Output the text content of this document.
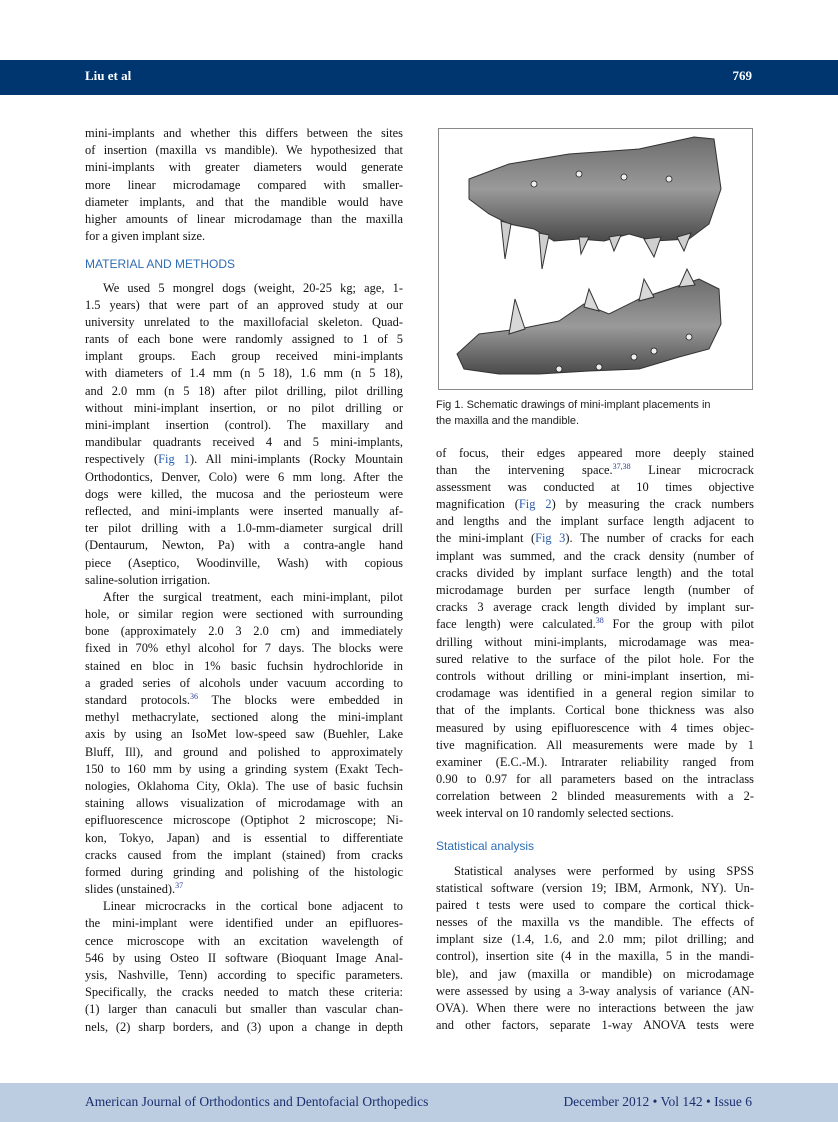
Liu et al	769
mini-implants and whether this differs between the sites
of insertion (maxilla vs mandible). We hypothesized that
mini-implants with greater diameters would generate
more linear microdamage compared with smaller-
diameter implants, and that the mandible would have
higher amounts of linear microdamage than the maxilla
for a given implant size.
MATERIAL AND METHODS
We used 5 mongrel dogs (weight, 20-25 kg; age, 1-
1.5 years) that were part of an approved study at our
university unrelated to the maxillofacial skeleton. Quad-
rants of each bone were randomly assigned to 1 of 5
implant groups. Each group received mini-implants
with diameters of 1.4 mm (n 5 18), 1.6 mm (n 5 18),
and 2.0 mm (n 5 18) after pilot drilling, pilot drilling
without mini-implant insertion, or no pilot drilling or
mini-implant insertion (control). The maxillary and
mandibular quadrants received 4 and 5 mini-implants,
respectively (Fig 1). All mini-implants (Rocky Mountain
Orthodontics, Denver, Colo) were 6 mm long. After the
dogs were killed, the mucosa and the periosteum were
reflected, and mini-implants were inserted manually af-
ter pilot drilling with a 1.0-mm-diameter surgical drill
(Dentaurum, Newton, Pa) with a contra-angle hand
piece (Aseptico, Woodinville, Wash) with copious
saline-solution irrigation.
After the surgical treatment, each mini-implant, pilot
hole, or similar region were sectioned with surrounding
bone (approximately 2.0 3 2.0 cm) and immediately
fixed in 70% ethyl alcohol for 7 days. The blocks were
stained en bloc in 1% basic fuchsin hydrochloride in
a graded series of alcohols under vacuum according to
standard protocols.$^{36}$ The blocks were embedded in
methyl methacrylate, sectioned along the mini-implant
axis by using an IsoMet low-speed saw (Buehler, Lake
Bluff, Ill), and ground and polished to approximately
150 to 160 mm by using a grinding system (Exakt Tech-
nologies, Oklahoma City, Okla). The use of basic fuchsin
staining allows visualization of microdamage with an
epifluorescence microscope (Optiphot 2 microscope; Ni-
kon, Tokyo, Japan) and is essential to differentiate
cracks caused from the implant (stained) from cracks
formed during grinding and polishing of the histologic
slides (unstained).$^{37}$
Linear microcracks in the cortical bone adjacent to
the mini-implant were identified under an epifluores-
cence microscope with an excitation wavelength of
546 by using Osteo II software (Bioquant Image Anal-
ysis, Nashville, Tenn) according to specific parameters.
Specifically, the cracks needed to match these criteria:
(1) larger than canaculi but smaller than vascular chan-
nels, (2) sharp borders, and (3) upon a change in depth
Fig 1. Schematic drawings of mini-implant placements in
the maxilla and the mandible.
of focus, their edges appeared more deeply stained
than the intervening space.$^{37,38}$ Linear microcrack
assessment was conducted at 10 times objective
magnification (Fig 2) by measuring the crack numbers
and lengths and the implant surface length adjacent to
the mini-implant (Fig 3). The number of cracks for each
implant was summed, and the crack density (number of
cracks divided by implant surface length) and the total
microdamage burden per surface length (number of
cracks 3 average crack length divided by implant sur-
face length) were calculated.$^{38}$ For the group with pilot
drilling without mini-implants, microdamage was mea-
sured relative to the surface of the pilot hole. For the
controls without drilling or mini-implant insertion, mi-
crodamage was identified in a general region similar to
that of the implants. Cortical bone thickness was also
measured by using epifluorescence with 4 times objec-
tive magnification. All measurements were made by 1
examiner (E.C.-M.). Intrarater reliability ranged from
0.90 to 0.97 for all parameters based on the intraclass
correlation between 2 blinded measurements with a 2-
week interval on 10 randomly selected sections.
Statistical analysis
Statistical analyses were performed by using SPSS
statistical software (version 19; IBM, Armonk, NY). Un-
paired t tests were used to compare the cortical thick-
nesses of the maxilla vs the mandible. The effects of
implant size (1.4, 1.6, and 2.0 mm; pilot drilling; and
control), insertion site (4 in the maxilla, 5 in the mandi-
ble), and jaw (maxilla or mandible) on microdamage
were assessed by using a 3-way analysis of variance (AN-
OVA). When there were no interactions between the jaw
and other factors, separate 1-way ANOVA tests were
American Journal of Orthodontics and Dentofacial Orthopedics	December 2012 • Vol 142 • Issue 6
